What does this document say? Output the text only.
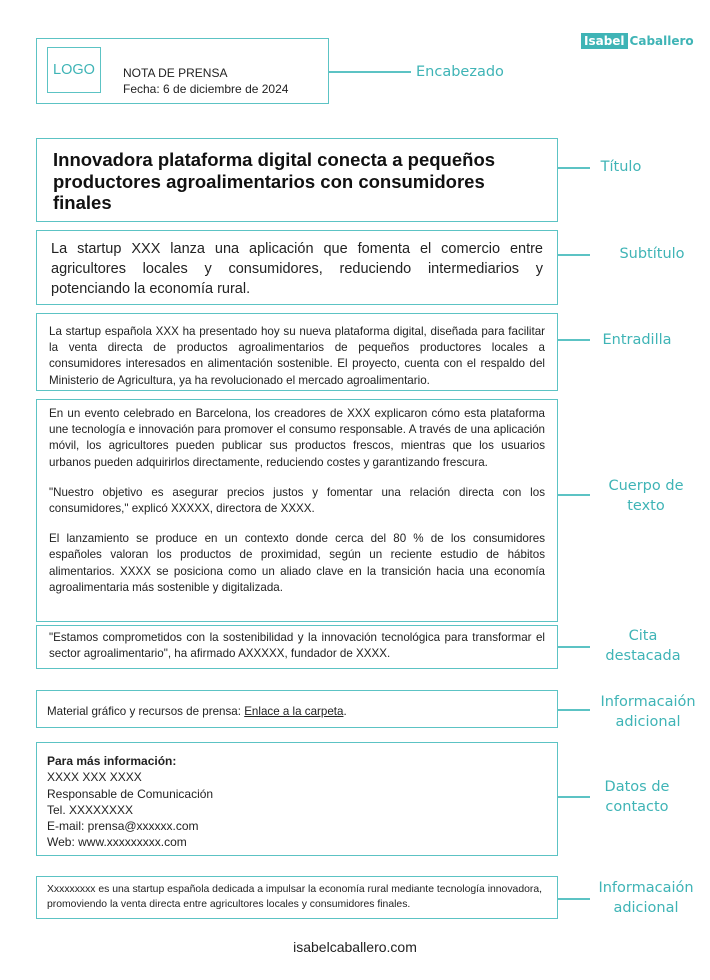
Isabel Caballero
LOGO	NOTA DE PRENSA
Fecha: 6 de diciembre de 2024
Encabezado
Innovadora plataforma digital conecta a pequeños productores agroalimentarios con consumidores finales
Título
La startup XXX lanza una aplicación que fomenta el comercio entre agricultores locales y consumidores, reduciendo intermediarios y potenciando la economía rural.
Subtítulo

La startup española XXX ha presentado hoy su nueva plataforma digital, diseñada para facilitar la venta directa de productos agroalimentarios de pequeños productores locales a consumidores interesados en alimentación sostenible. El proyecto, cuenta con el respaldo del Ministerio de Agricultura, ya ha revolucionado el mercado agroalimentario.

Entradilla

En un evento celebrado en Barcelona, los creadores de XXX explicaron cómo esta plataforma une tecnología e innovación para promover el consumo responsable. A través de una aplicación móvil, los agricultores pueden publicar sus productos frescos, mientras que los usuarios urbanos pueden adquirirlos directamente, reduciendo costes y garantizando frescura.

"Nuestro objetivo es asegurar precios justos y fomentar una relación directa con los consumidores," explicó XXXXX, directora de XXXX.

El lanzamiento se produce en un contexto donde cerca del 80 % de los consumidores españoles valoran los productos de proximidad, según un reciente estudio de hábitos alimentarios. XXXX se posiciona como un aliado clave en la transición hacia una economía agroalimentaria más sostenible y digitalizada.

Cuerpo de
texto

"Estamos comprometidos con la sostenibilidad y la innovación tecnológica para transformar el sector agroalimentario", ha afirmado AXXXXX, fundador de XXXX.

Cita
destacada
Material gráfico y recursos de prensa: Enlace a la carpeta.
Informacaión
adicional
Para más información:
XXXX XXX XXXX
Responsable de Comunicación
Tel. XXXXXXXX
E-mail: prensa@xxxxxx.com
Web: www.xxxxxxxxx.com
Datos de
contacto
Xxxxxxxxx es una startup española dedicada a impulsar la economía rural mediante tecnología innovadora, promoviendo la venta directa entre agricultores locales y consumidores finales.
Informacaión
adicional
isabelcaballero.com
